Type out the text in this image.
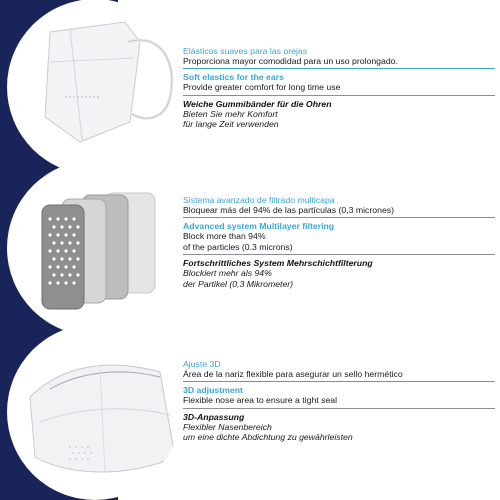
Elásticos suaves para las orejas
Proporciona mayor comodidad para un uso prolongado.
Soft elastics for the ears
Provide greater comfort for long time use
Weiche Gummibänder für die Ohren
Bieten Sie mehr Komfort
für lange Zeit verwenden
Sistema avanzado de filtrado multicapa
Bloquear más del 94% de las partículas (0,3 micrones)
Advanced system Multilayer filtering
Block more than 94%
of the particles (0.3 microns)
Fortschrittliches System Mehrschichtfilterung
Blockiert mehr als 94%
der Partikel (0,3 Mikrometer)
Ajuste 3D
Área de la nariz flexible para asegurar un sello hermético
3D adjustment
Flexible nose area to ensure a tight seal
3D-Anpassung
Flexibler Nasenbereich
um eine dichte Abdichtung zu gewährleisten
